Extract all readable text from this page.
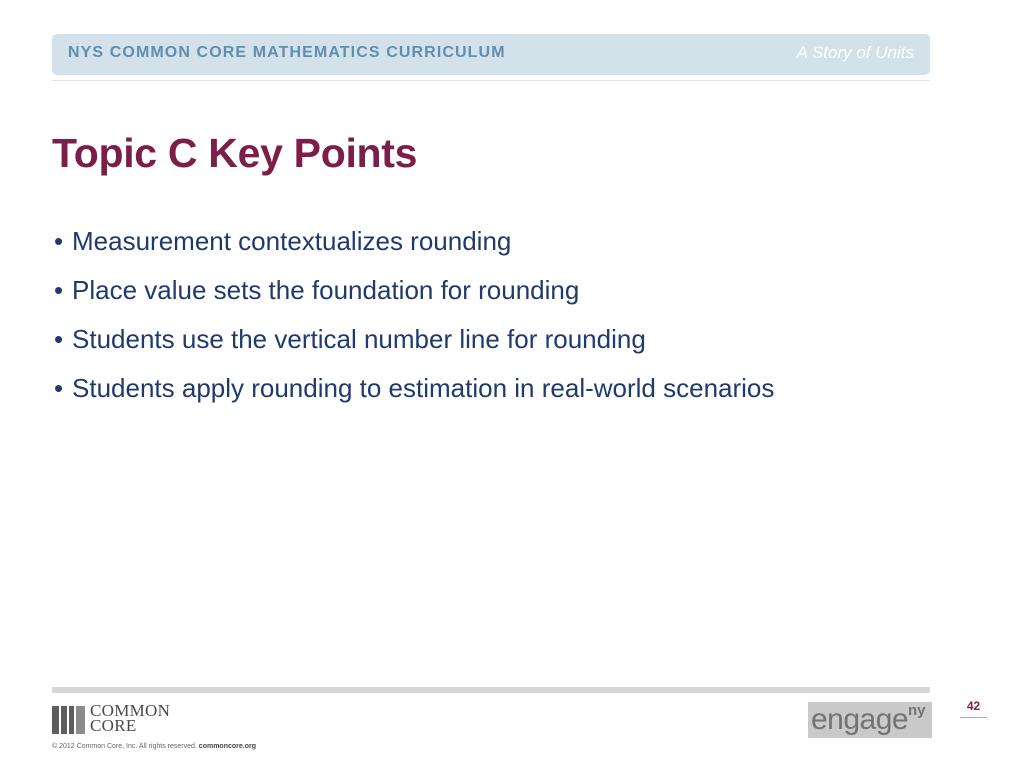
NYS COMMON CORE MATHEMATICS CURRICULUM	A Story of Units
Topic C Key Points
• Measurement contextualizes rounding
• Place value sets the foundation for rounding
• Students use the vertical number line for rounding
• Students apply rounding to estimation in real-world scenarios
COMMON
CORE
© 2012 Common Core, Inc. All rights reserved. commoncore.org
engage ny	42
